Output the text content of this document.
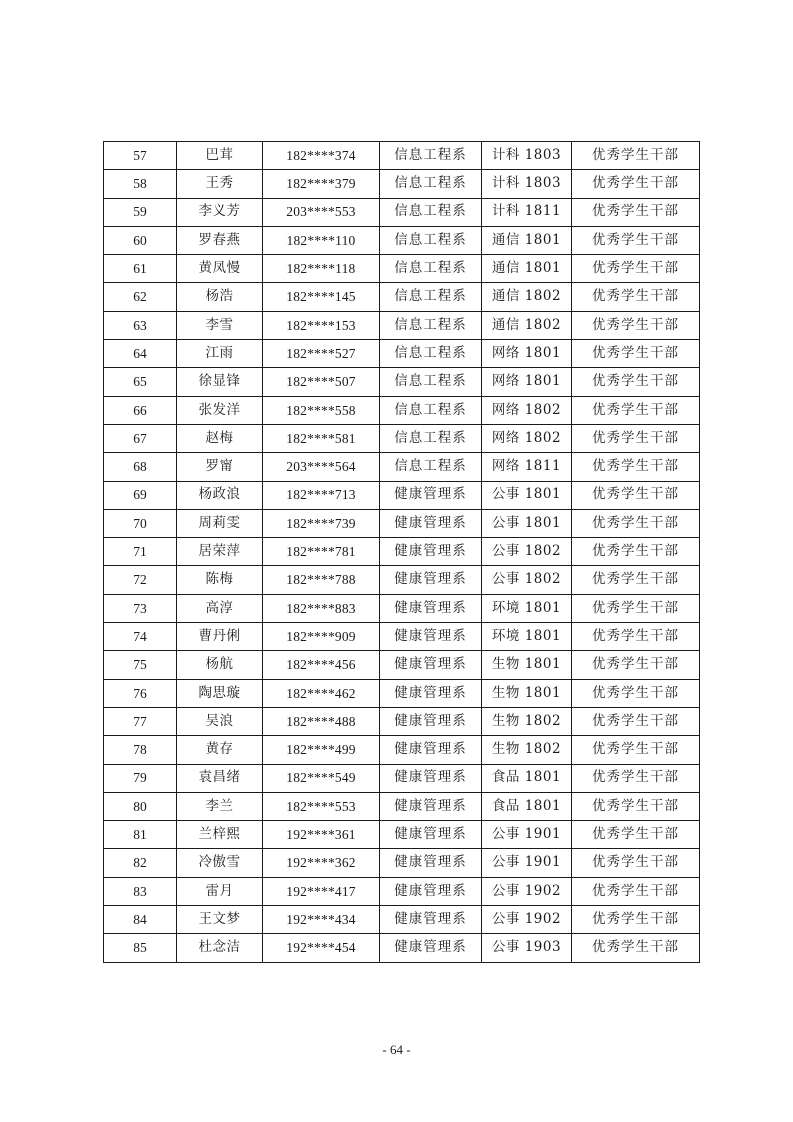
57	巴茸	182****374	信息工程系	计科 1803	优秀学生干部
58	王秀	182****379	信息工程系	计科 1803	优秀学生干部
59	李义芳	203****553	信息工程系	计科 1811	优秀学生干部
60	罗春燕	182****110	信息工程系	通信 1801	优秀学生干部
61	黄凤慢	182****118	信息工程系	通信 1801	优秀学生干部
62	杨浩	182****145	信息工程系	通信 1802	优秀学生干部
63	李雪	182****153	信息工程系	通信 1802	优秀学生干部
64	江雨	182****527	信息工程系	网络 1801	优秀学生干部
65	徐显锋	182****507	信息工程系	网络 1801	优秀学生干部
66	张发洋	182****558	信息工程系	网络 1802	优秀学生干部
67	赵梅	182****581	信息工程系	网络 1802	优秀学生干部
68	罗甯	203****564	信息工程系	网络 1811	优秀学生干部
69	杨政浪	182****713	健康管理系	公事 1801	优秀学生干部
70	周莉雯	182****739	健康管理系	公事 1801	优秀学生干部
71	居荣萍	182****781	健康管理系	公事 1802	优秀学生干部
72	陈梅	182****788	健康管理系	公事 1802	优秀学生干部
73	高淳	182****883	健康管理系	环境 1801	优秀学生干部
74	曹丹俐	182****909	健康管理系	环境 1801	优秀学生干部
75	杨航	182****456	健康管理系	生物 1801	优秀学生干部
76	陶思璇	182****462	健康管理系	生物 1801	优秀学生干部
77	吴浪	182****488	健康管理系	生物 1802	优秀学生干部
78	黄存	182****499	健康管理系	生物 1802	优秀学生干部
79	袁昌绪	182****549	健康管理系	食品 1801	优秀学生干部
80	李兰	182****553	健康管理系	食品 1801	优秀学生干部
81	兰梓熙	192****361	健康管理系	公事 1901	优秀学生干部
82	冷傲雪	192****362	健康管理系	公事 1901	优秀学生干部
83	雷月	192****417	健康管理系	公事 1902	优秀学生干部
84	王文梦	192****434	健康管理系	公事 1902	优秀学生干部
85	杜念洁	192****454	健康管理系	公事 1903	优秀学生干部
- 64 -
